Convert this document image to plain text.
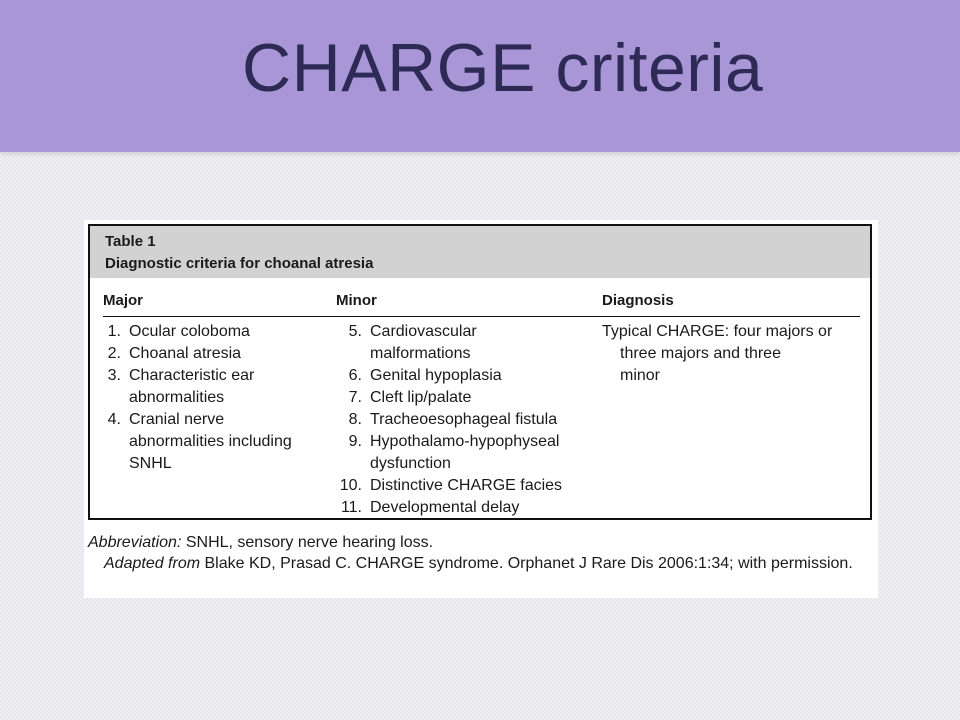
CHARGE criteria
Table 1
Diagnostic criteria for choanal atresia
Major	Minor	Diagnosis
1. Ocular coloboma
2. Choanal atresia
3. Characteristic ear
abnormalities
4. Cranial nerve
abnormalities including
SNHL
5. Cardiovascular
malformations
6. Genital hypoplasia
7. Cleft lip/palate
8. Tracheoesophageal fistula
9. Hypothalamo-hypophyseal
dysfunction
10. Distinctive CHARGE facies
11. Developmental delay
Typical CHARGE: four majors or
three majors and three
minor
Abbreviation: SNHL, sensory nerve hearing loss.
Adapted from Blake KD, Prasad C. CHARGE syndrome. Orphanet J Rare Dis 2006:1:34; with permission.
